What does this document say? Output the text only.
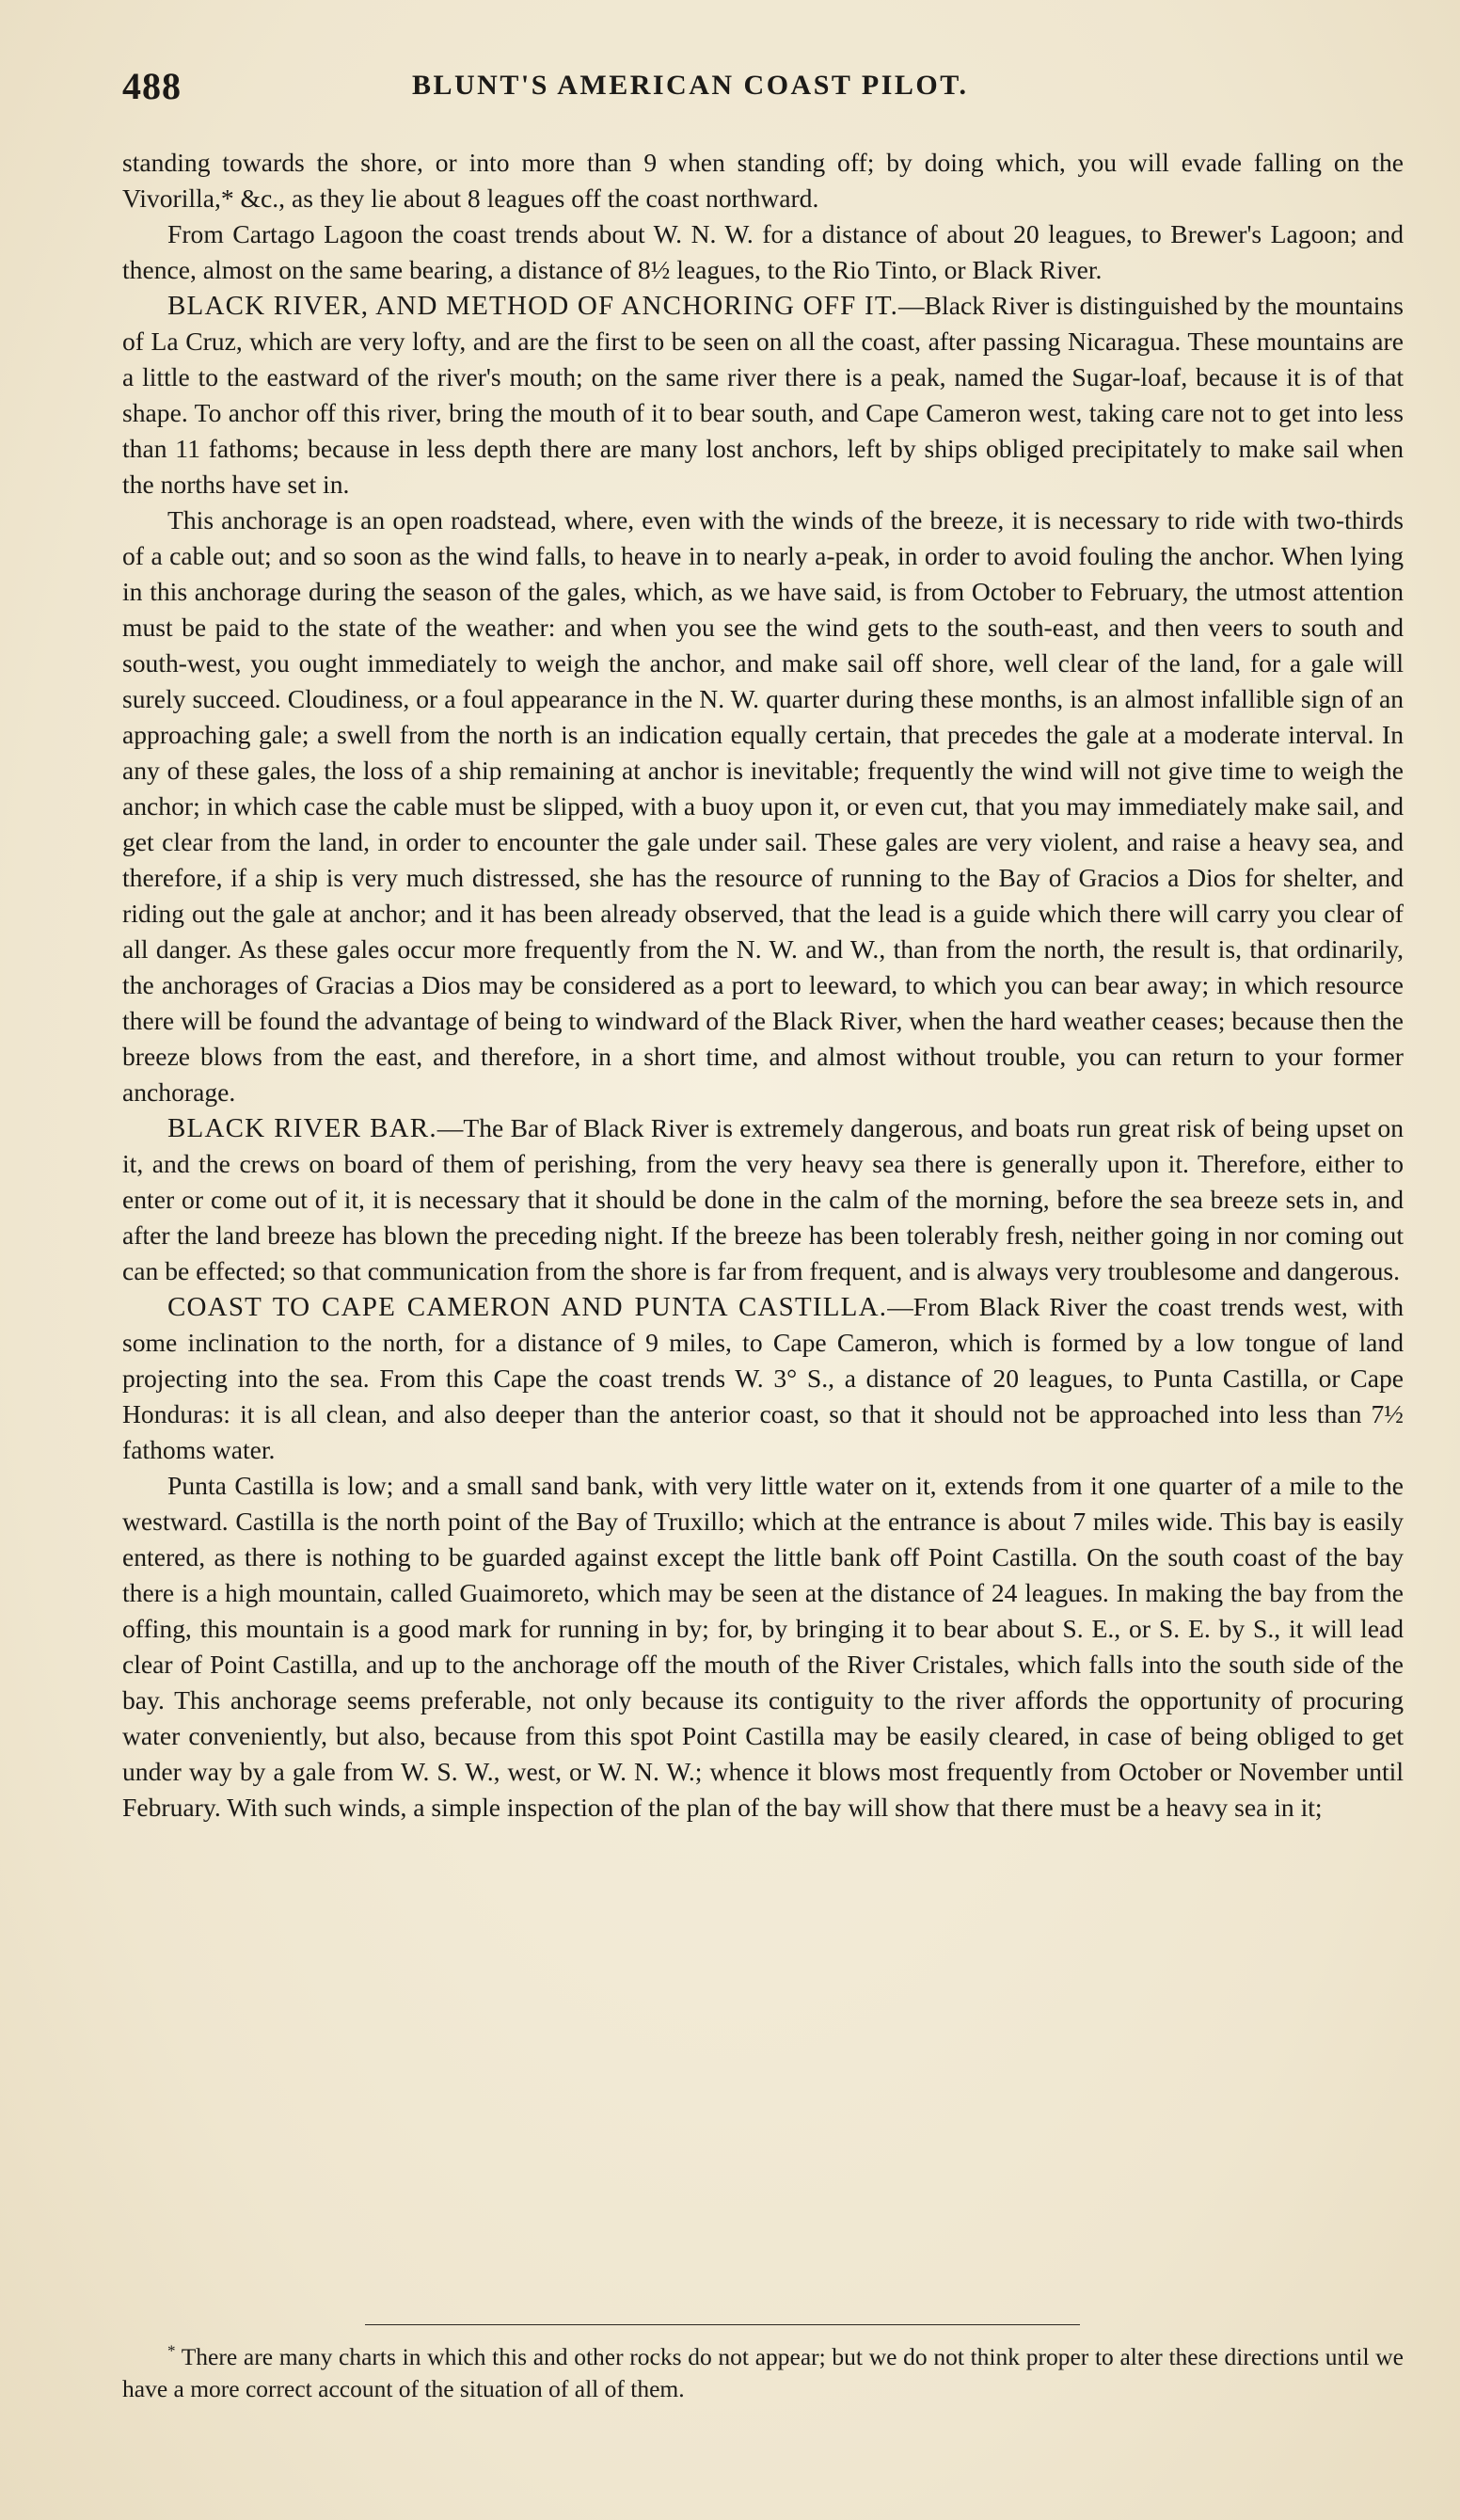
488	BLUNT'S AMERICAN COAST PILOT.

standing towards the shore, or into more than 9 when standing off; by doing which, you will evade falling on the Vivorilla,* &c., as they lie about 8 leagues off the coast northward.

From Cartago Lagoon the coast trends about W. N. W. for a distance of about 20 leagues, to Brewer's Lagoon; and thence, almost on the same bearing, a distance of 8½ leagues, to the Rio Tinto, or Black River.

BLACK RIVER, AND METHOD OF ANCHORING OFF IT.—Black River is distinguished by the mountains of La Cruz, which are very lofty, and are the first to be seen on all the coast, after passing Nicaragua. These mountains are a little to the eastward of the river's mouth; on the same river there is a peak, named the Sugar-loaf, because it is of that shape. To anchor off this river, bring the mouth of it to bear south, and Cape Cameron west, taking care not to get into less than 11 fathoms; because in less depth there are many lost anchors, left by ships obliged precipitately to make sail when the norths have set in.

This anchorage is an open roadstead, where, even with the winds of the breeze, it is necessary to ride with two-thirds of a cable out; and so soon as the wind falls, to heave in to nearly a-peak, in order to avoid fouling the anchor. When lying in this anchorage during the season of the gales, which, as we have said, is from October to February, the utmost attention must be paid to the state of the weather: and when you see the wind gets to the south-east, and then veers to south and south-west, you ought immediately to weigh the anchor, and make sail off shore, well clear of the land, for a gale will surely succeed. Cloudiness, or a foul appearance in the N. W. quarter during these months, is an almost infallible sign of an approaching gale; a swell from the north is an indication equally certain, that precedes the gale at a moderate interval. In any of these gales, the loss of a ship remaining at anchor is inevitable; frequently the wind will not give time to weigh the anchor; in which case the cable must be slipped, with a buoy upon it, or even cut, that you may immediately make sail, and get clear from the land, in order to encounter the gale under sail. These gales are very violent, and raise a heavy sea, and therefore, if a ship is very much distressed, she has the resource of running to the Bay of Gracios a Dios for shelter, and riding out the gale at anchor; and it has been already observed, that the lead is a guide which there will carry you clear of all danger. As these gales occur more frequently from the N. W. and W., than from the north, the result is, that ordinarily, the anchorages of Gracias a Dios may be considered as a port to leeward, to which you can bear away; in which resource there will be found the advantage of being to windward of the Black River, when the hard weather ceases; because then the breeze blows from the east, and therefore, in a short time, and almost without trouble, you can return to your former anchorage.

BLACK RIVER BAR.—The Bar of Black River is extremely dangerous, and boats run great risk of being upset on it, and the crews on board of them of perishing, from the very heavy sea there is generally upon it. Therefore, either to enter or come out of it, it is necessary that it should be done in the calm of the morning, before the sea breeze sets in, and after the land breeze has blown the preceding night. If the breeze has been tolerably fresh, neither going in nor coming out can be effected; so that communication from the shore is far from frequent, and is always very troublesome and dangerous.

COAST TO CAPE CAMERON AND PUNTA CASTILLA.—From Black River the coast trends west, with some inclination to the north, for a distance of 9 miles, to Cape Cameron, which is formed by a low tongue of land projecting into the sea. From this Cape the coast trends W. 3° S., a distance of 20 leagues, to Punta Castilla, or Cape Honduras: it is all clean, and also deeper than the anterior coast, so that it should not be approached into less than 7½ fathoms water.

Punta Castilla is low; and a small sand bank, with very little water on it, extends from it one quarter of a mile to the westward. Castilla is the north point of the Bay of Truxillo; which at the entrance is about 7 miles wide. This bay is easily entered, as there is nothing to be guarded against except the little bank off Point Castilla. On the south coast of the bay there is a high mountain, called Guaimoreto, which may be seen at the distance of 24 leagues. In making the bay from the offing, this mountain is a good mark for running in by; for, by bringing it to bear about S. E., or S. E. by S., it will lead clear of Point Castilla, and up to the anchorage off the mouth of the River Cristales, which falls into the south side of the bay. This anchorage seems preferable, not only because its contiguity to the river affords the opportunity of procuring water conveniently, but also, because from this spot Point Castilla may be easily cleared, in case of being obliged to get under way by a gale from W. S. W., west, or W. N. W.; whence it blows most frequently from October or November until February. With such winds, a simple inspection of the plan of the bay will show that there must be a heavy sea in it;

* There are many charts in which this and other rocks do not appear; but we do not think proper to alter these directions until we have a more correct account of the situation of all of them.
